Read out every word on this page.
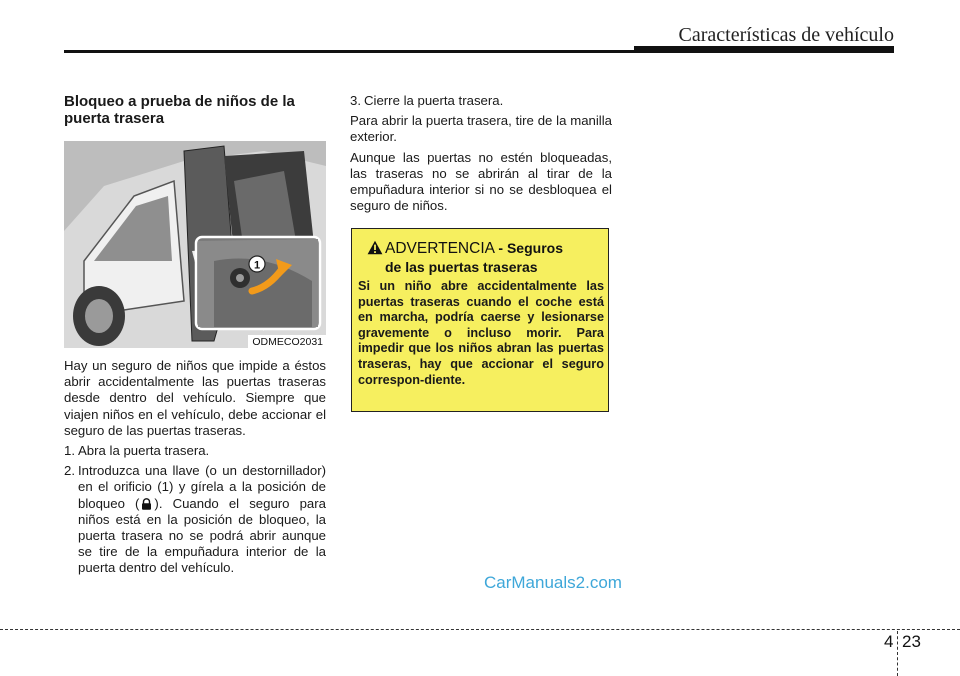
Características de vehículo
Bloqueo a prueba de niños de la puerta trasera
1
ODMECO2031

Hay un seguro de niños que impide a éstos abrir accidentalmente las puertas traseras desde dentro del vehículo. Siempre que viajen niños en el vehículo, debe accionar el seguro de las puertas traseras.

1. Abra la puerta trasera.
2. Introduzca una llave (o un destornillador) en el orificio (1) y gírela a la posición de bloqueo ( ). Cuando el seguro para niños está en la posición de bloqueo, la puerta trasera no se podrá abrir aunque se tire de la empuñadura interior de la puerta dentro del vehículo.
3. Cierre la puerta trasera.

Para abrir la puerta trasera, tire de la manilla exterior.

Aunque las puertas no estén bloqueadas, las traseras no se abrirán al tirar de la empuñadura interior si no se desbloquea el seguro de niños.

ADVERTENCIA - Seguros
de las puertas traseras

Si un niño abre accidentalmente las puertas traseras cuando el coche está en marcha, podría caerse y lesionarse gravemente o incluso morir. Para impedir que los niños abran las puertas traseras, hay que accionar el seguro correspon-diente.

CarManuals2.com
4 23
